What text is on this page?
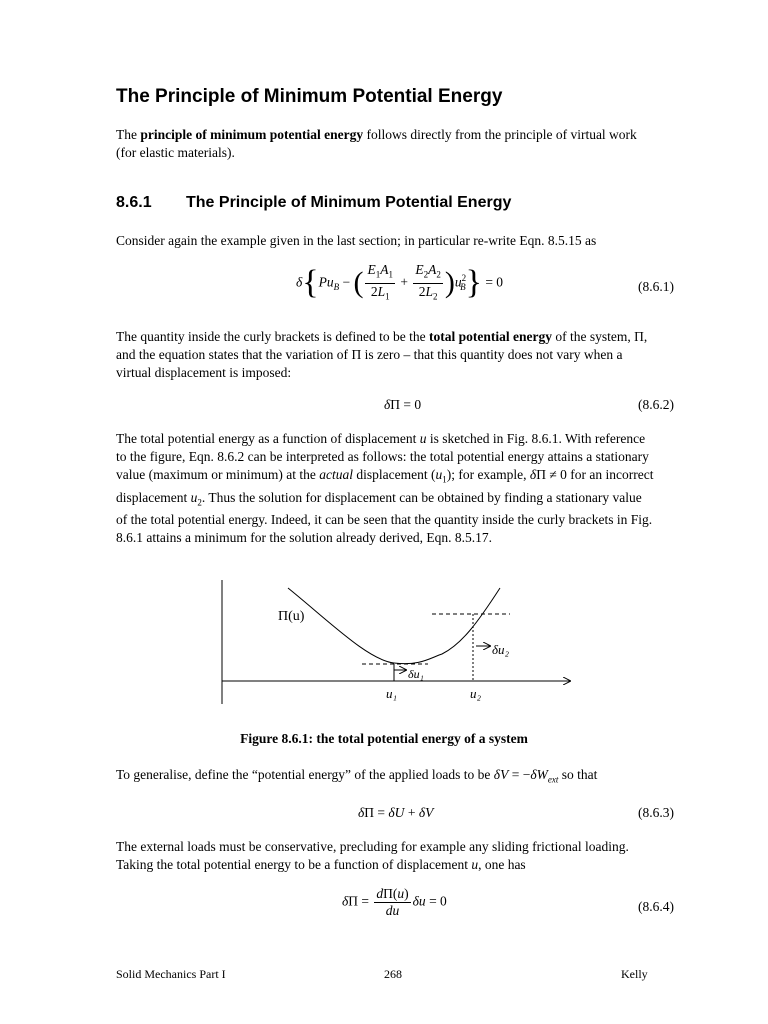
The Principle of Minimum Potential Energy

The principle of minimum potential energy follows directly from the principle of virtual work (for elastic materials).

8.6.1 The Principle of Minimum Potential Energy

Consider again the example given in the last section; in particular re-write Eqn. 8.5.15 as

$\delta\{Pu_B$ − ( $\frac{E_1A_1}{2L_1} + \frac{E_2A_2}{2L_2} )u^2_B\} = 0$	(8.6.1)

The quantity inside the curly brackets is defined to be the total potential energy of the system, Π, and the equation states that the variation of Π is zero – that this quantity does not vary when a virtual displacement is imposed:

δΠ = 0	(8.6.2)

The total potential energy as a function of displacement u is sketched in Fig. 8.6.1. With reference to the figure, Eqn. 8.6.2 can be interpreted as follows: the total potential energy attains a stationary value (maximum or minimum) at the actual displacement $(u_1)$; for example, δΠ ≠ 0 for an incorrect displacement $u_2$. Thus the solution for displacement can be obtained by finding a stationary value of the total potential energy. Indeed, it can be seen that the quantity inside the curly brackets in Fig. 8.6.1 attains a minimum for the solution already derived, Eqn. 8.5.17.

Π(u)
δu₁
δu₂
u₁	u₂
Figure 8.6.1: the total potential energy of a system

To generalise, define the “potential energy” of the applied loads to be $\delta V = -\delta W_{ext}$ so that

δΠ = δU + δV	(8.6.3)

The external loads must be conservative, precluding for example any sliding frictional loading. Taking the total potential energy to be a function of displacement u, one has

$\delta\Pi = \frac{d\Pi(u)}{du}$ δu = 0	(8.6.4)
Solid Mechanics Part I	268	Kelly
